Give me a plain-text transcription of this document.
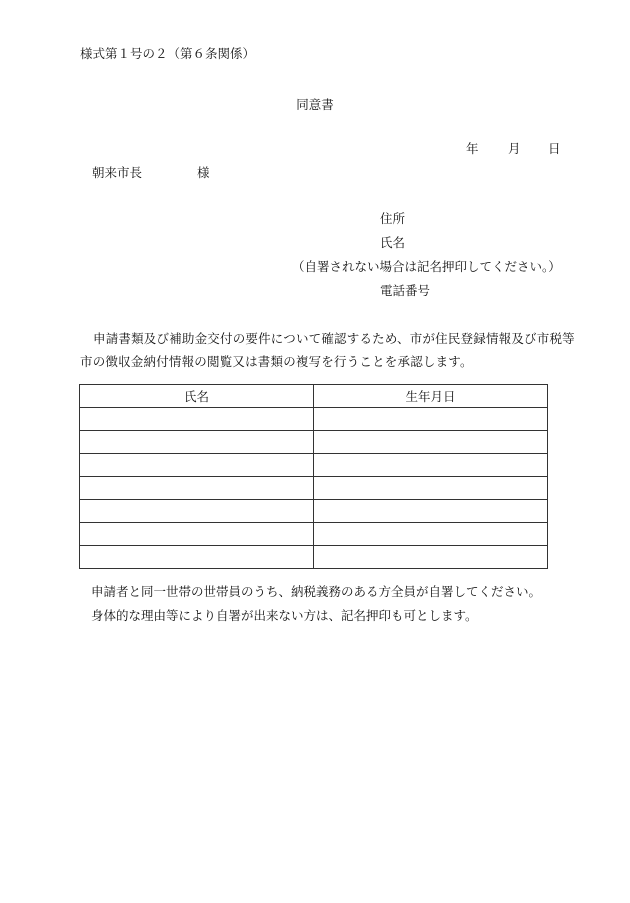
様式第１号の２（第６条関係）
同意書
年 月 日
朝来市長	様
住所
氏名
（自署されない場合は記名押印してください。）
電話番号
申請書類及び補助金交付の要件について確認するため、市が住民登録情報及び市税等市の徴収金納付情報の閲覧又は書類の複写を行うことを承認します。
氏名	生年月日

申請者と同一世帯の世帯員のうち、納税義務のある方全員が自署してください。
身体的な理由等により自署が出来ない方は、記名押印も可とします。
